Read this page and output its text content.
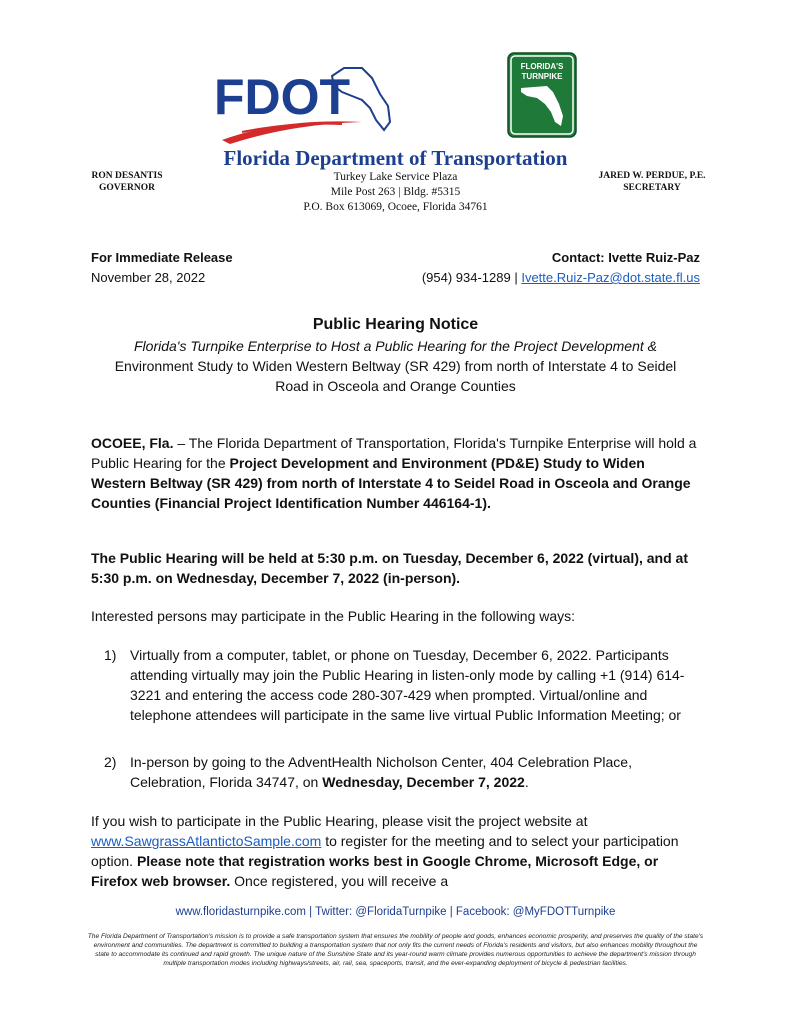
FDOT
FLORIDA'S
TURNPIKE
Florida Department of Transportation
RON DESANTIS
GOVERNOR
Turkey Lake Service Plaza
Mile Post 263 | Bldg. #5315
P.O. Box 613069, Ocoee, Florida 34761
JARED W. PERDUE, P.E.
SECRETARY
For Immediate Release
November 28, 2022
Contact: Ivette Ruiz-Paz
(954) 934-1289 | Ivette.Ruiz-Paz@dot.state.fl.us
Public Hearing Notice
Florida's Turnpike Enterprise to Host a Public Hearing for the Project Development & Environment Study to Widen Western Beltway (SR 429) from north of Interstate 4 to Seidel Road in Osceola and Orange Counties
OCOEE, Fla. – The Florida Department of Transportation, Florida's Turnpike Enterprise will hold a Public Hearing for the Project Development and Environment (PD&E) Study to Widen Western Beltway (SR 429) from north of Interstate 4 to Seidel Road in Osceola and Orange Counties (Financial Project Identification Number 446164-1).
The Public Hearing will be held at 5:30 p.m. on Tuesday, December 6, 2022 (virtual), and at 5:30 p.m. on Wednesday, December 7, 2022 (in-person).
Interested persons may participate in the Public Hearing in the following ways:
1) Virtually from a computer, tablet, or phone on Tuesday, December 6, 2022. Participants attending virtually may join the Public Hearing in listen-only mode by calling +1 (914) 614-3221 and entering the access code 280-307-429 when prompted. Virtual/online and telephone attendees will participate in the same live virtual Public Information Meeting; or
2) In-person by going to the AdventHealth Nicholson Center, 404 Celebration Place, Celebration, Florida 34747, on Wednesday, December 7, 2022.
If you wish to participate in the Public Hearing, please visit the project website at www.SawgrassAtlantictoSample.com to register for the meeting and to select your participation option. Please note that registration works best in Google Chrome, Microsoft Edge, or Firefox web browser. Once registered, you will receive a
www.floridasturnpike.com | Twitter: @FloridaTurnpike | Facebook: @MyFDOTTurnpike
The Florida Department of Transportation's mission is to provide a safe transportation system that ensures the mobility of people and goods, enhances economic prosperity, and preserves the quality of the state's environment and communities. The department is committed to building a transportation system that not only fits the current needs of Florida's residents and visitors, but also enhances mobility throughout the state to accommodate its continued and rapid growth. The unique nature of the Sunshine State and its year-round warm climate provides numerous opportunities to achieve the department's mission through multiple transportation modes including highways/streets, air, rail, sea, spaceports, transit, and the ever-expanding deployment of bicycle & pedestrian facilities.
